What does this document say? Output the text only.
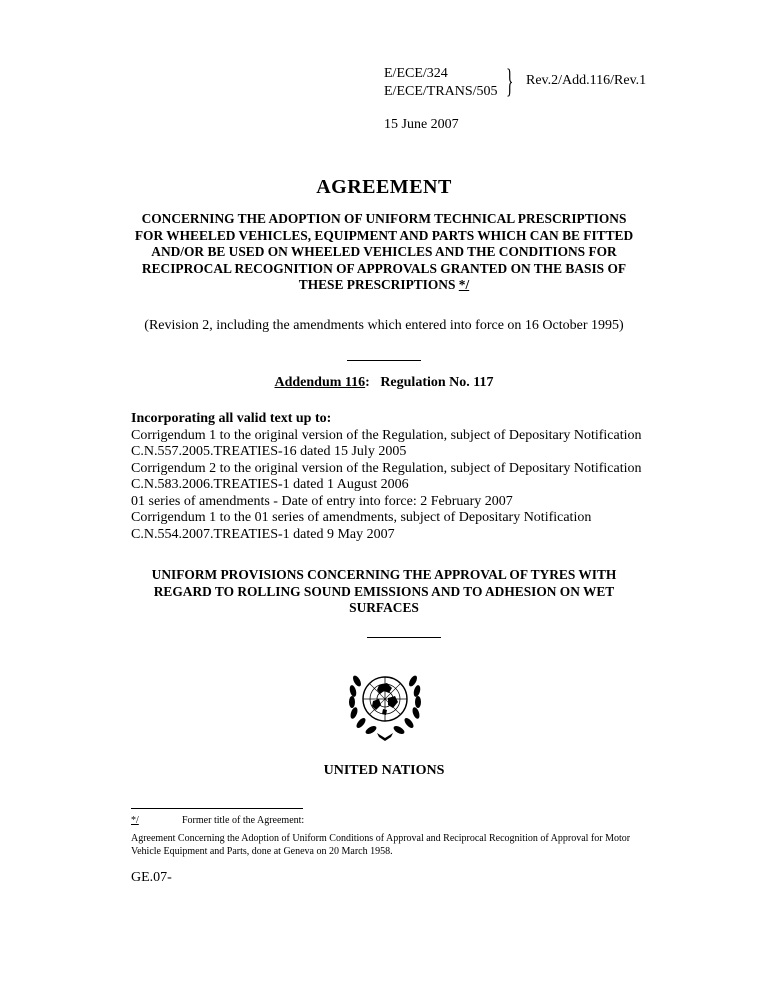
E/ECE/324
E/ECE/TRANS/505 } Rev.2/Add.116/Rev.1
15 June 2007
AGREEMENT
CONCERNING THE ADOPTION OF UNIFORM TECHNICAL PRESCRIPTIONS FOR WHEELED VEHICLES, EQUIPMENT AND PARTS WHICH CAN BE FITTED AND/OR BE USED ON WHEELED VEHICLES AND THE CONDITIONS FOR RECIPROCAL RECOGNITION OF APPROVALS GRANTED ON THE BASIS OF THESE PRESCRIPTIONS */
(Revision 2, including the amendments which entered into force on 16 October 1995)
Addendum 116: Regulation No. 117
Incorporating all valid text up to:
Corrigendum 1 to the original version of the Regulation, subject of Depositary Notification
C.N.557.2005.TREATIES-16 dated 15 July 2005
Corrigendum 2 to the original version of the Regulation, subject of Depositary Notification
C.N.583.2006.TREATIES-1 dated 1 August 2006
01 series of amendments - Date of entry into force: 2 February 2007
Corrigendum 1 to the 01 series of amendments, subject of Depositary Notification
C.N.554.2007.TREATIES-1 dated 9 May 2007
UNIFORM PROVISIONS CONCERNING THE APPROVAL OF TYRES WITH REGARD TO ROLLING SOUND EMISSIONS AND TO ADHESION ON WET SURFACES
UNITED NATIONS
*/	Former title of the Agreement:
Agreement Concerning the Adoption of Uniform Conditions of Approval and Reciprocal Recognition of Approval for Motor Vehicle Equipment and Parts, done at Geneva on 20 March 1958.
GE.07-
